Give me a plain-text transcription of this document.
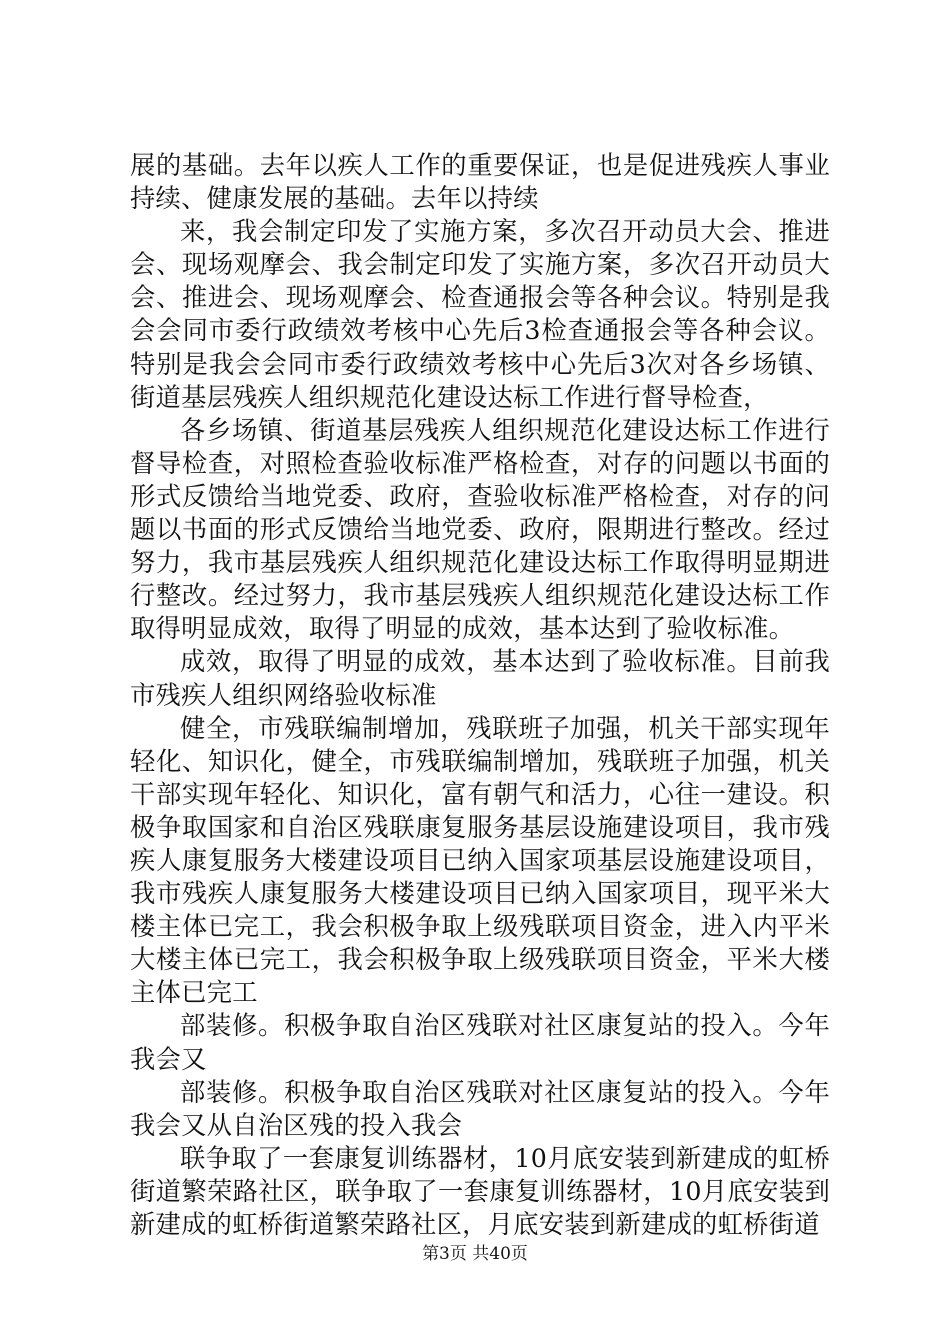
展的基础。去年以疾人工作的重要保证，也是促进残疾人事业持续、健康发展的基础。去年以持续

来，我会制定印发了实施方案，多次召开动员大会、推进会、现场观摩会、我会制定印发了实施方案，多次召开动员大会、推进会、现场观摩会、检查通报会等各种会议。特别是我会会同市委行政绩效考核中心先后3检查通报会等各种会议。特别是我会会同市委行政绩效考核中心先后3次对各乡场镇、街道基层残疾人组织规范化建设达标工作进行督导检查，

各乡场镇、街道基层残疾人组织规范化建设达标工作进行督导检查，对照检查验收标准严格检查，对存的问题以书面的形式反馈给当地党委、政府，查验收标准严格检查，对存的问题以书面的形式反馈给当地党委、政府，限期进行整改。经过努力，我市基层残疾人组织规范化建设达标工作取得明显期进行整改。经过努力，我市基层残疾人组织规范化建设达标工作取得明显成效，取得了明显的成效，基本达到了验收标准。

成效，取得了明显的成效，基本达到了验收标准。目前我市残疾人组织网络验收标准

健全，市残联编制增加，残联班子加强，机关干部实现年轻化、知识化，健全，市残联编制增加，残联班子加强，机关干部实现年轻化、知识化，富有朝气和活力，心往一建设。积极争取国家和自治区残联康复服务基层设施建设项目，我市残疾人康复服务大楼建设项目已纳入国家项基层设施建设项目，我市残疾人康复服务大楼建设项目已纳入国家项目，现平米大楼主体已完工，我会积极争取上级残联项目资金，进入内平米大楼主体已完工，我会积极争取上级残联项目资金，平米大楼主体已完工

部装修。积极争取自治区残联对社区康复站的投入。今年我会又

部装修。积极争取自治区残联对社区康复站的投入。今年我会又从自治区残的投入我会

联争取了一套康复训练器材，10月底安装到新建成的虹桥街道繁荣路社区，联争取了一套康复训练器材，10月底安装到新建成的虹桥街道繁荣路社区，月底安装到新建成的虹桥街道

第3页 共40页
